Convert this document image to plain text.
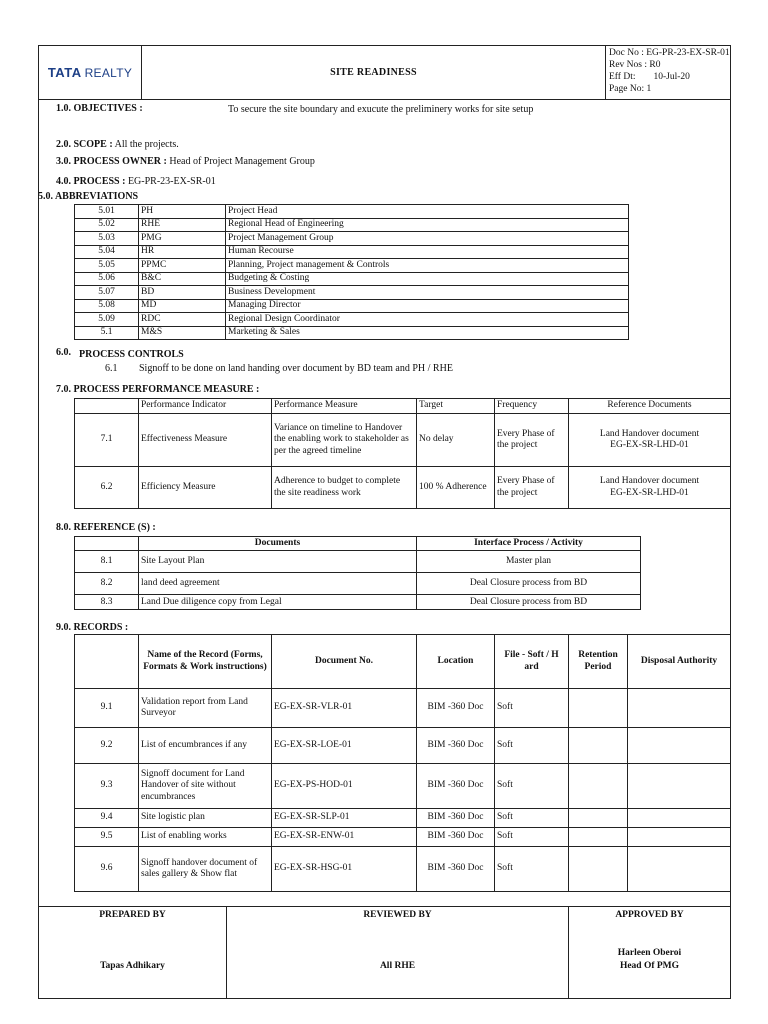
TATA REALTY	SITE READINESS
Doc No : EG-PR-23-EX-SR-01
Rev Nos : R0
Eff Dt: 10-Jul-20
Page No: 1
1.0. OBJECTIVES :	To secure the site boundary and exucute the preliminery works for site setup
2.0. SCOPE : All the projects.
3.0. PROCESS OWNER : Head of Project Management Group
4.0. PROCESS : EG-PR-23-EX-SR-01
5.0. ABBREVIATIONS
5.01	PH	Project Head
5.02	RHE	Regional Head of Engineering
5.03	PMG	Project Management Group
5.04	HR	Human Recourse
5.05	PPMC	Planning, Project management & Controls
5.06	B&C	Budgeting & Costing
5.07	BD	Business Development
5.08	MD	Managing Director
5.09	RDC	Regional Design Coordinator
5.1	M&S	Marketing & Sales
6.0. PROCESS CONTROLS
6.1 Signoff to be done on land handing over document by BD team and PH / RHE
7.0. PROCESS PERFORMANCE MEASURE :
	Performance Indicator	Performance Measure	Target	Frequency	Reference Documents
7.1	Effectiveness Measure	Variance on timeline to Handover the enabling work to stakeholder as per the agreed timeline	No delay	Every Phase of the project	Land Handover document
EG-EX-SR-LHD-01

6.2	Efficiency Measure	Adherence to budget to complete the site readiness work	100 % Adherence	Every Phase of the project	Land Handover document
EG-EX-SR-LHD-01
8.0. REFERENCE (S) :
	Documents	Interface Process / Activity
8.1	Site Layout Plan	Master plan
8.2	land deed agreement	Deal Closure process from BD
8.3	Land Due diligence copy from Legal	Deal Closure process from BD
9.0. RECORDS :
	Name of the Record (Forms, Formats & Work instructions)	Document No.	Location	File - Soft / H ard	Retention Period	Disposal Authority
9.1	Validation report from Land Surveyor	EG-EX-SR-VLR-01	BIM -360 Doc	Soft		
9.2	List of encumbrances if any	EG-EX-SR-LOE-01	BIM -360 Doc	Soft		
9.3	Signoff document for Land Handover of site without encumbrances	EG-EX-PS-HOD-01	BIM -360 Doc	Soft		
9.4	Site logistic plan	EG-EX-SR-SLP-01	BIM -360 Doc	Soft		
9.5	List of enabling works	EG-EX-SR-ENW-01	BIM -360 Doc	Soft		
9.6	Signoff handover document of sales gallery & Show flat	EG-EX-SR-HSG-01	BIM -360 Doc	Soft		
PREPARED BY
Tapas Adhikary
REVIEWED BY
All RHE
APPROVED BY
Harleen Oberoi
Head Of PMG
